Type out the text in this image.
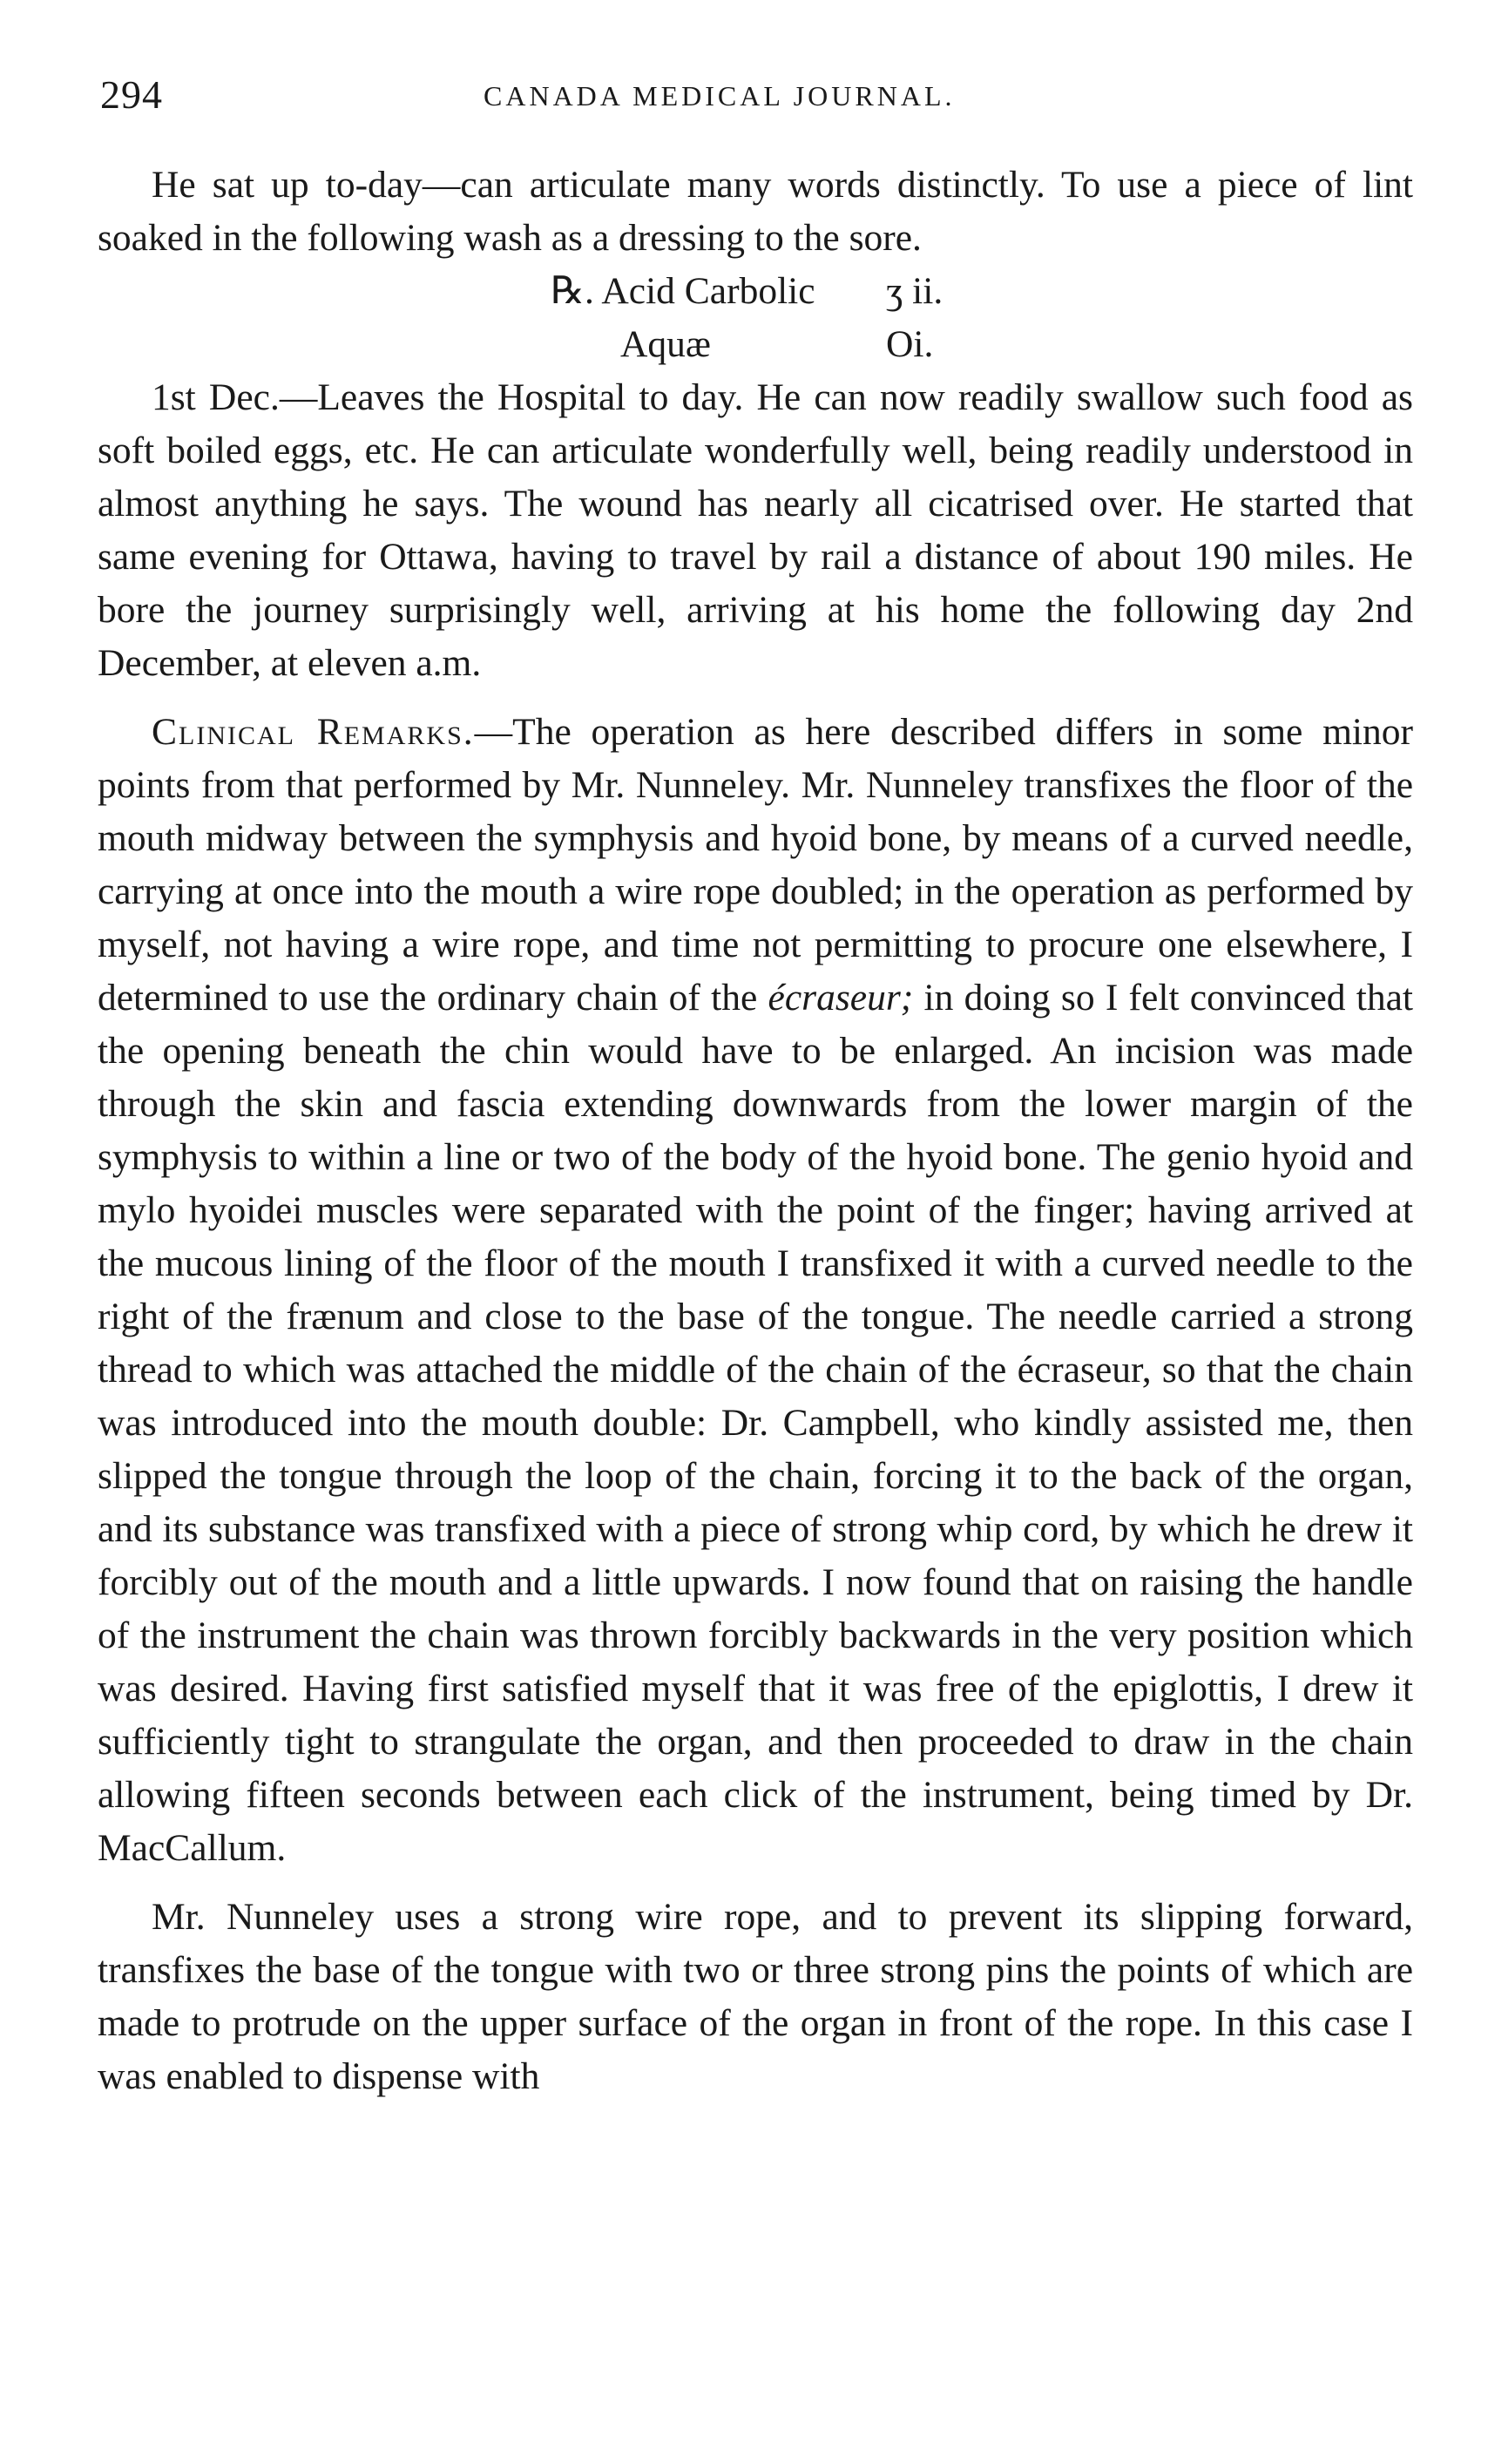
294	CANADA MEDICAL JOURNAL.

He sat up to-day—can articulate many words distinctly. To use a piece of lint soaked in the following wash as a dressing to the sore.

℞. Acid Carbolic ʒ ii.
Aquæ	Oi.

1st Dec.—Leaves the Hospital to day. He can now readily swallow such food as soft boiled eggs, etc. He can articulate wonderfully well, being readily understood in almost anything he says. The wound has nearly all cicatrised over. He started that same evening for Ottawa, having to travel by rail a distance of about 190 miles. He bore the journey surprisingly well, arriving at his home the following day 2nd December, at eleven a.m.

Clinical Remarks.—The operation as here described differs in some minor points from that performed by Mr. Nunneley. Mr. Nunneley transfixes the floor of the mouth midway between the symphysis and hyoid bone, by means of a curved needle, carrying at once into the mouth a wire rope doubled; in the operation as performed by myself, not having a wire rope, and time not permitting to procure one elsewhere, I determined to use the ordinary chain of the écraseur; in doing so I felt convinced that the opening beneath the chin would have to be enlarged. An incision was made through the skin and fascia extending downwards from the lower margin of the symphysis to within a line or two of the body of the hyoid bone. The genio hyoid and mylo hyoidei muscles were separated with the point of the finger; having arrived at the mucous lining of the floor of the mouth I transfixed it with a curved needle to the right of the frænum and close to the base of the tongue. The needle carried a strong thread to which was attached the middle of the chain of the écraseur, so that the chain was introduced into the mouth double: Dr. Campbell, who kindly assisted me, then slipped the tongue through the loop of the chain, forcing it to the back of the organ, and its substance was transfixed with a piece of strong whip cord, by which he drew it forcibly out of the mouth and a little upwards. I now found that on raising the handle of the instrument the chain was thrown forcibly backwards in the very position which was desired. Having first satisfied myself that it was free of the epiglottis, I drew it sufficiently tight to strangulate the organ, and then proceeded to draw in the chain allowing fifteen seconds between each click of the instrument, being timed by Dr. MacCallum.

Mr. Nunneley uses a strong wire rope, and to prevent its slipping forward, transfixes the base of the tongue with two or three strong pins the points of which are made to protrude on the upper surface of the organ in front of the rope. In this case I was enabled to dispense with
